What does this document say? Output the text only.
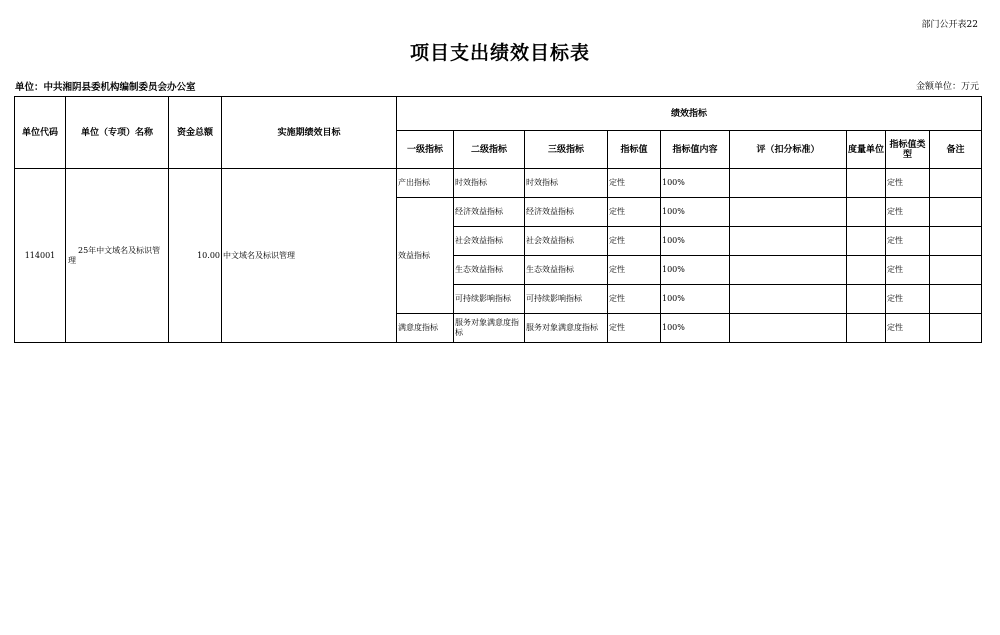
部门公开表22
项目支出绩效目标表
单位：中共湘阴县委机构编制委员会办公室	金额单位：万元
单位代码	单位（专项）名称	资金总额	实施期绩效目标	绩效指标								
				一级指标	二级指标	三级指标	指标值	指标值内容	评（扣分标准）	度量单位	指标值类型	备注
114001	25年中文域名及标识管理	10.00	中文域名及标识管理	产出指标	时效指标	时效指标	定性	100%			定性	
				效益指标	经济效益指标	经济效益指标	定性	100%			定性	
					社会效益指标	社会效益指标	定性	100%			定性	
					生态效益指标	生态效益指标	定性	100%			定性	
					可持续影响指标	可持续影响指标	定性	100%			定性	
				满意度指标	服务对象满意度指标	服务对象满意度指标	定性	100%			定性	
